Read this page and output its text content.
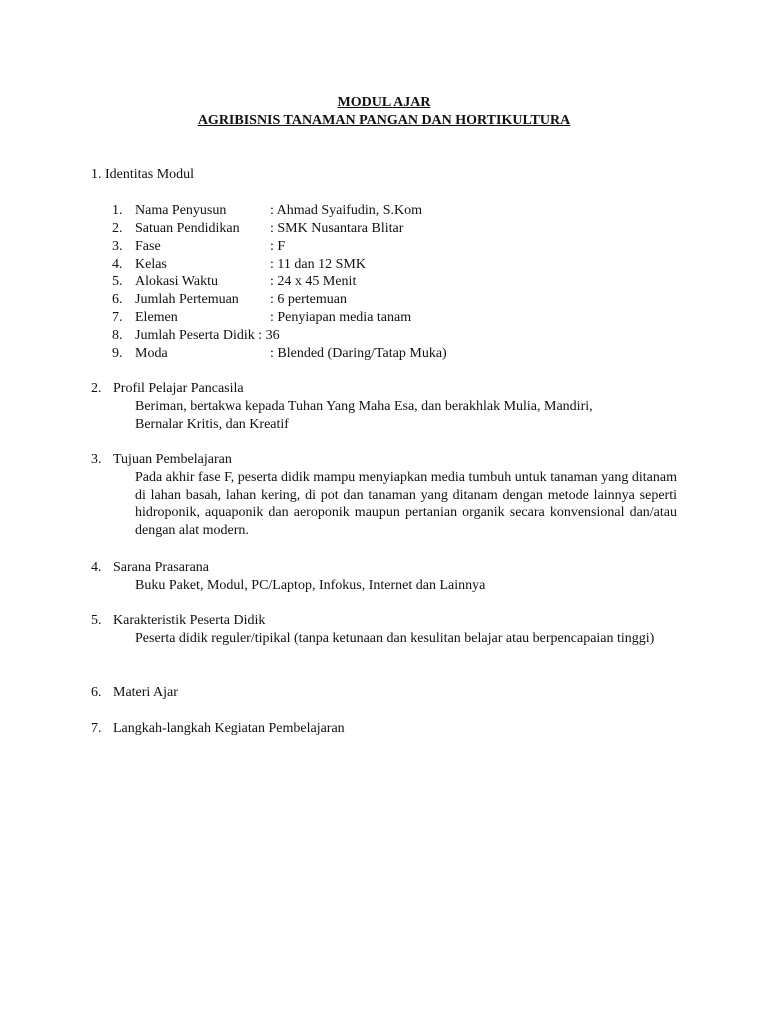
MODUL AJAR
AGRIBISNIS TANAMAN PANGAN DAN HORTIKULTURA
1. Identitas Modul
1. Nama Penyusun	: Ahmad Syaifudin, S.Kom
2. Satuan Pendidikan : SMK Nusantara Blitar
3. Fase	: F
4. Kelas	: 11 dan 12 SMK
5. Alokasi Waktu	: 24 x 45 Menit
6. Jumlah Pertemuan : 6 pertemuan
7. Elemen	: Penyiapan media tanam
8. Jumlah Peserta Didik : 36
9. Moda	: Blended (Daring/Tatap Muka)
2. Profil Pelajar Pancasila
Beriman, bertakwa kepada Tuhan Yang Maha Esa, dan berakhlak Mulia, Mandiri,
Bernalar Kritis, dan Kreatif
3. Tujuan Pembelajaran
Pada akhir fase F, peserta didik mampu menyiapkan media tumbuh untuk tanaman yang ditanam di lahan basah, lahan kering, di pot dan tanaman yang ditanam dengan metode lainnya seperti hidroponik, aquaponik dan aeroponik maupun pertanian organik secara konvensional dan/atau dengan alat modern.
4. Sarana Prasarana
Buku Paket, Modul, PC/Laptop, Infokus, Internet dan Lainnya
5. Karakteristik Peserta Didik
Peserta didik reguler/tipikal (tanpa ketunaan dan kesulitan belajar atau berpencapaian tinggi)
6. Materi Ajar
7. Langkah-langkah Kegiatan Pembelajaran
